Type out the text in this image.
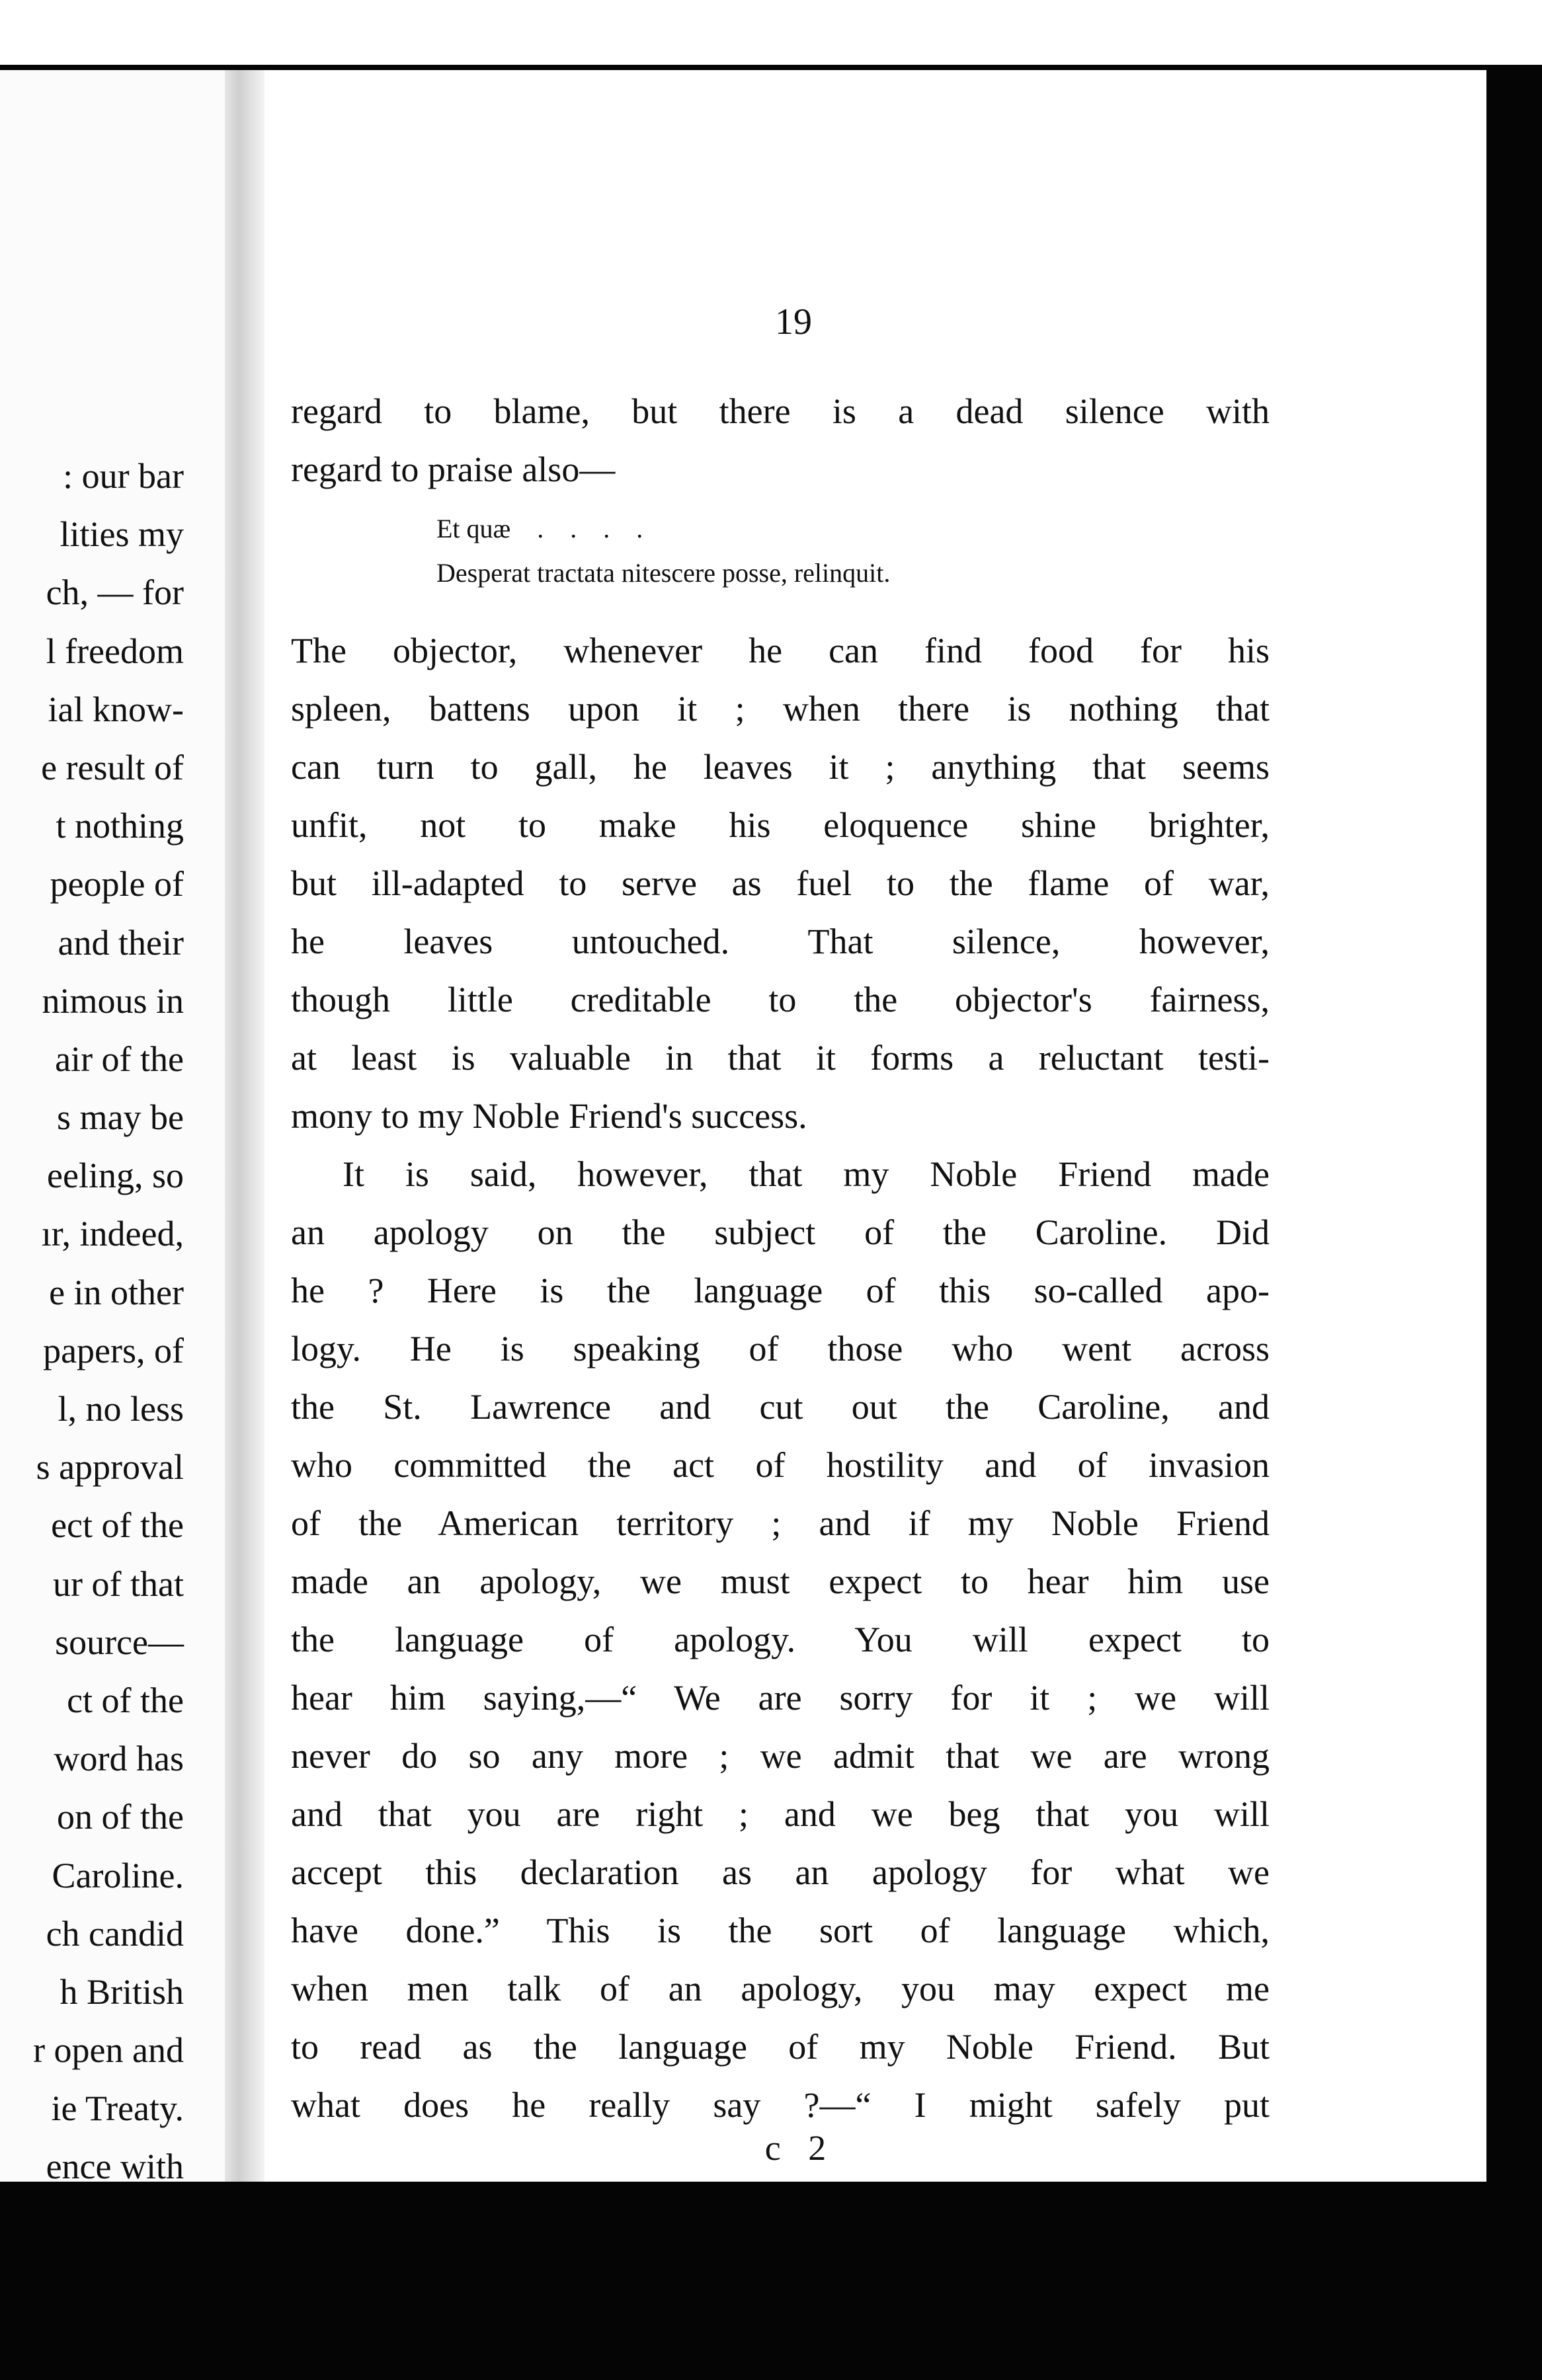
: our bar
lities my
ch, — for
l freedom
ial know-
e result of
t nothing
people of
and their
nimous in
air of the
s may be
eeling, so
ır, indeed,
e in other
papers, of
l, no less
s approval
ect of the
ur of that
source—
ct of the
word has
on of the
Caroline.
ch candid
h British
r open and
ie Treaty.
ence with
19
regard to blame, but there is a dead silence with
regard to praise also—
Et quæ    .    .    .    .
Desperat tractata nitescere posse, relinquit.
The objector, whenever he can find food for his
spleen, battens upon it ; when there is nothing that
can turn to gall, he leaves it ; anything that seems
unfit, not to make his eloquence shine brighter,
but ill-adapted to serve as fuel to the flame of war,
he leaves untouched. That silence, however,
though little creditable to the objector's fairness,
at least is valuable in that it forms a reluctant testi-
mony to my Noble Friend's success.
It is said, however, that my Noble Friend made
an apology on the subject of the Caroline. Did
he ? Here is the language of this so-called apo-
logy. He is speaking of those who went across
the St. Lawrence and cut out the Caroline, and
who committed the act of hostility and of invasion
of the American territory ; and if my Noble Friend
made an apology, we must expect to hear him use
the language of apology. You will expect to
hear him saying,—“ We are sorry for it ; we will
never do so any more ; we admit that we are wrong
and that you are right ; and we beg that you will
accept this declaration as an apology for what we
have done.” This is the sort of language which,
when men talk of an apology, you may expect me
to read as the language of my Noble Friend. But
what does he really say ?—“ I might safely put
c 2
